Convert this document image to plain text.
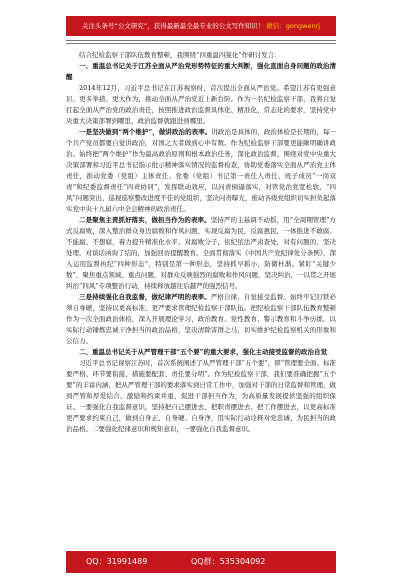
关注头条号“公文研究”，获得最新最全最专业的公文写作知识！ 微信：gongwenrj

结合纪检监察干部队伍教育整顿，我围绕“四重温四强化”作研讨发言：

一、重温总书记关于江苏全面从严治党形势特征的重大判断，强化直面自身问题的政治清醒

2014年12月，习近平总书记在江苏视察时，首次提出全面从严治党。希望江苏有更强意识、更多举措、更大作为，推动全面从严治党近上新台阶。作为一名纪检监察干部，我将自觉扛起全面从严治党的政治责任，按照推进政治监督具体化、精准化、常态化的要求，坚持党中央重大决策部署到哪里，政治监督就跟进到哪里。

一是坚决做到“两个维护”，做讲政治的表率。讲政治是具体的，政治体检是长期的，每一个共产党员都要自觉讲政治，对国之大者做到心中有数。作为纪检监察干部要更能瞅明确讲政治。始终把“两个维护”作为最高政治原则和根本政治任务，深化政治监督，围绕对党中央重大决策部署和习近平总书记指示批示精神落实情况的监督检查，协助党委落实全面从严治党主体责任，推动党委（党组）主体责任、党委（党组）书记第一责任人责任、班子成员“一岗双责”和纪委监督责任“四责协同”，发挥联动效应，以问责倒逼落实，对管党治党宽松软、“四风”问题突出、巡视巡察整改进度不佳的党组织，坚决问责曝光，推动各级党组织切实担负起落实党中央十九届六中全会精神的政治责任。

二是聚焦主责抓好落实，做担当作为的表率。坚持严的主基调不动摇，用“全周期管理”方式反腐败，深入整治群众身边腐败和作风问题，实现反腐为民，反腐惠民，一体推进不敢腐、不能腐、不想腐，着力提升精准化水平。对腐败分子，依纪依法严肃查处，对有问题的，坚决处理，对谈话函询了结的，加强回访提醒教育。全面贯彻落实《中国共产党纪律处分条例》，深入运用监督执纪“四种形态”，特别是第一种形态，坚持抓早抓小，防微杜渐。紧盯“关键少数”，聚焦重点领域、重点问题，对群众反映强烈的腐败和作风问题，坚决纠治，一以贯之开展纠治“四风”专项整治行动，持续释放越往后越严的强烈信号。

三是持续强化自我监督，做纪律严明的表率。严格自律，自觉接受监督。始终牢记打铁必须自身硬，坚持以更高标准、更严要求管理纪检监察干部队伍。把纪检监察干部队伍教育整顿作为一次全面政治体检，深入开展理论学习、政治教育、党性教育、警示教育和斗争历练，以实际行动锤炼忠诚干净担当的政治品格，坚决清除害群之马，切实维护纪检监察机关的形象和公信力。

二、重温总书记关于从严管理干部“五个要”的重大要求，强化主动接受监督的政治自觉

习近平总书记视察江苏时，首次系统阐述了从严管理干部“五个要”，即“管理要全面、标准要严格、环节要衔接、措施要配套、责任要分明”。作为纪检监察干部，我们要准确把握“五个要”的丰富内涵，把从严管理干部的要求落实到日常工作中，加强对干部的日常监督和管理，做到严管和厚爱结合、激励和约束并重，促进干部担当作为，为高质量发展提供坚强的组织保证。一要强化自我监督意识，坚持把自己摆进去、把职责摆进去、把工作摆进去，以更高标准更严要求约束自己，做到自身正、自身硬、自身净，用实际行动诠释对党忠诚、为民担当的政治品格。二要强化纪律意识和规矩意识，一要强化自我监督意识。

QQ：31991489	QQ群：535304092
